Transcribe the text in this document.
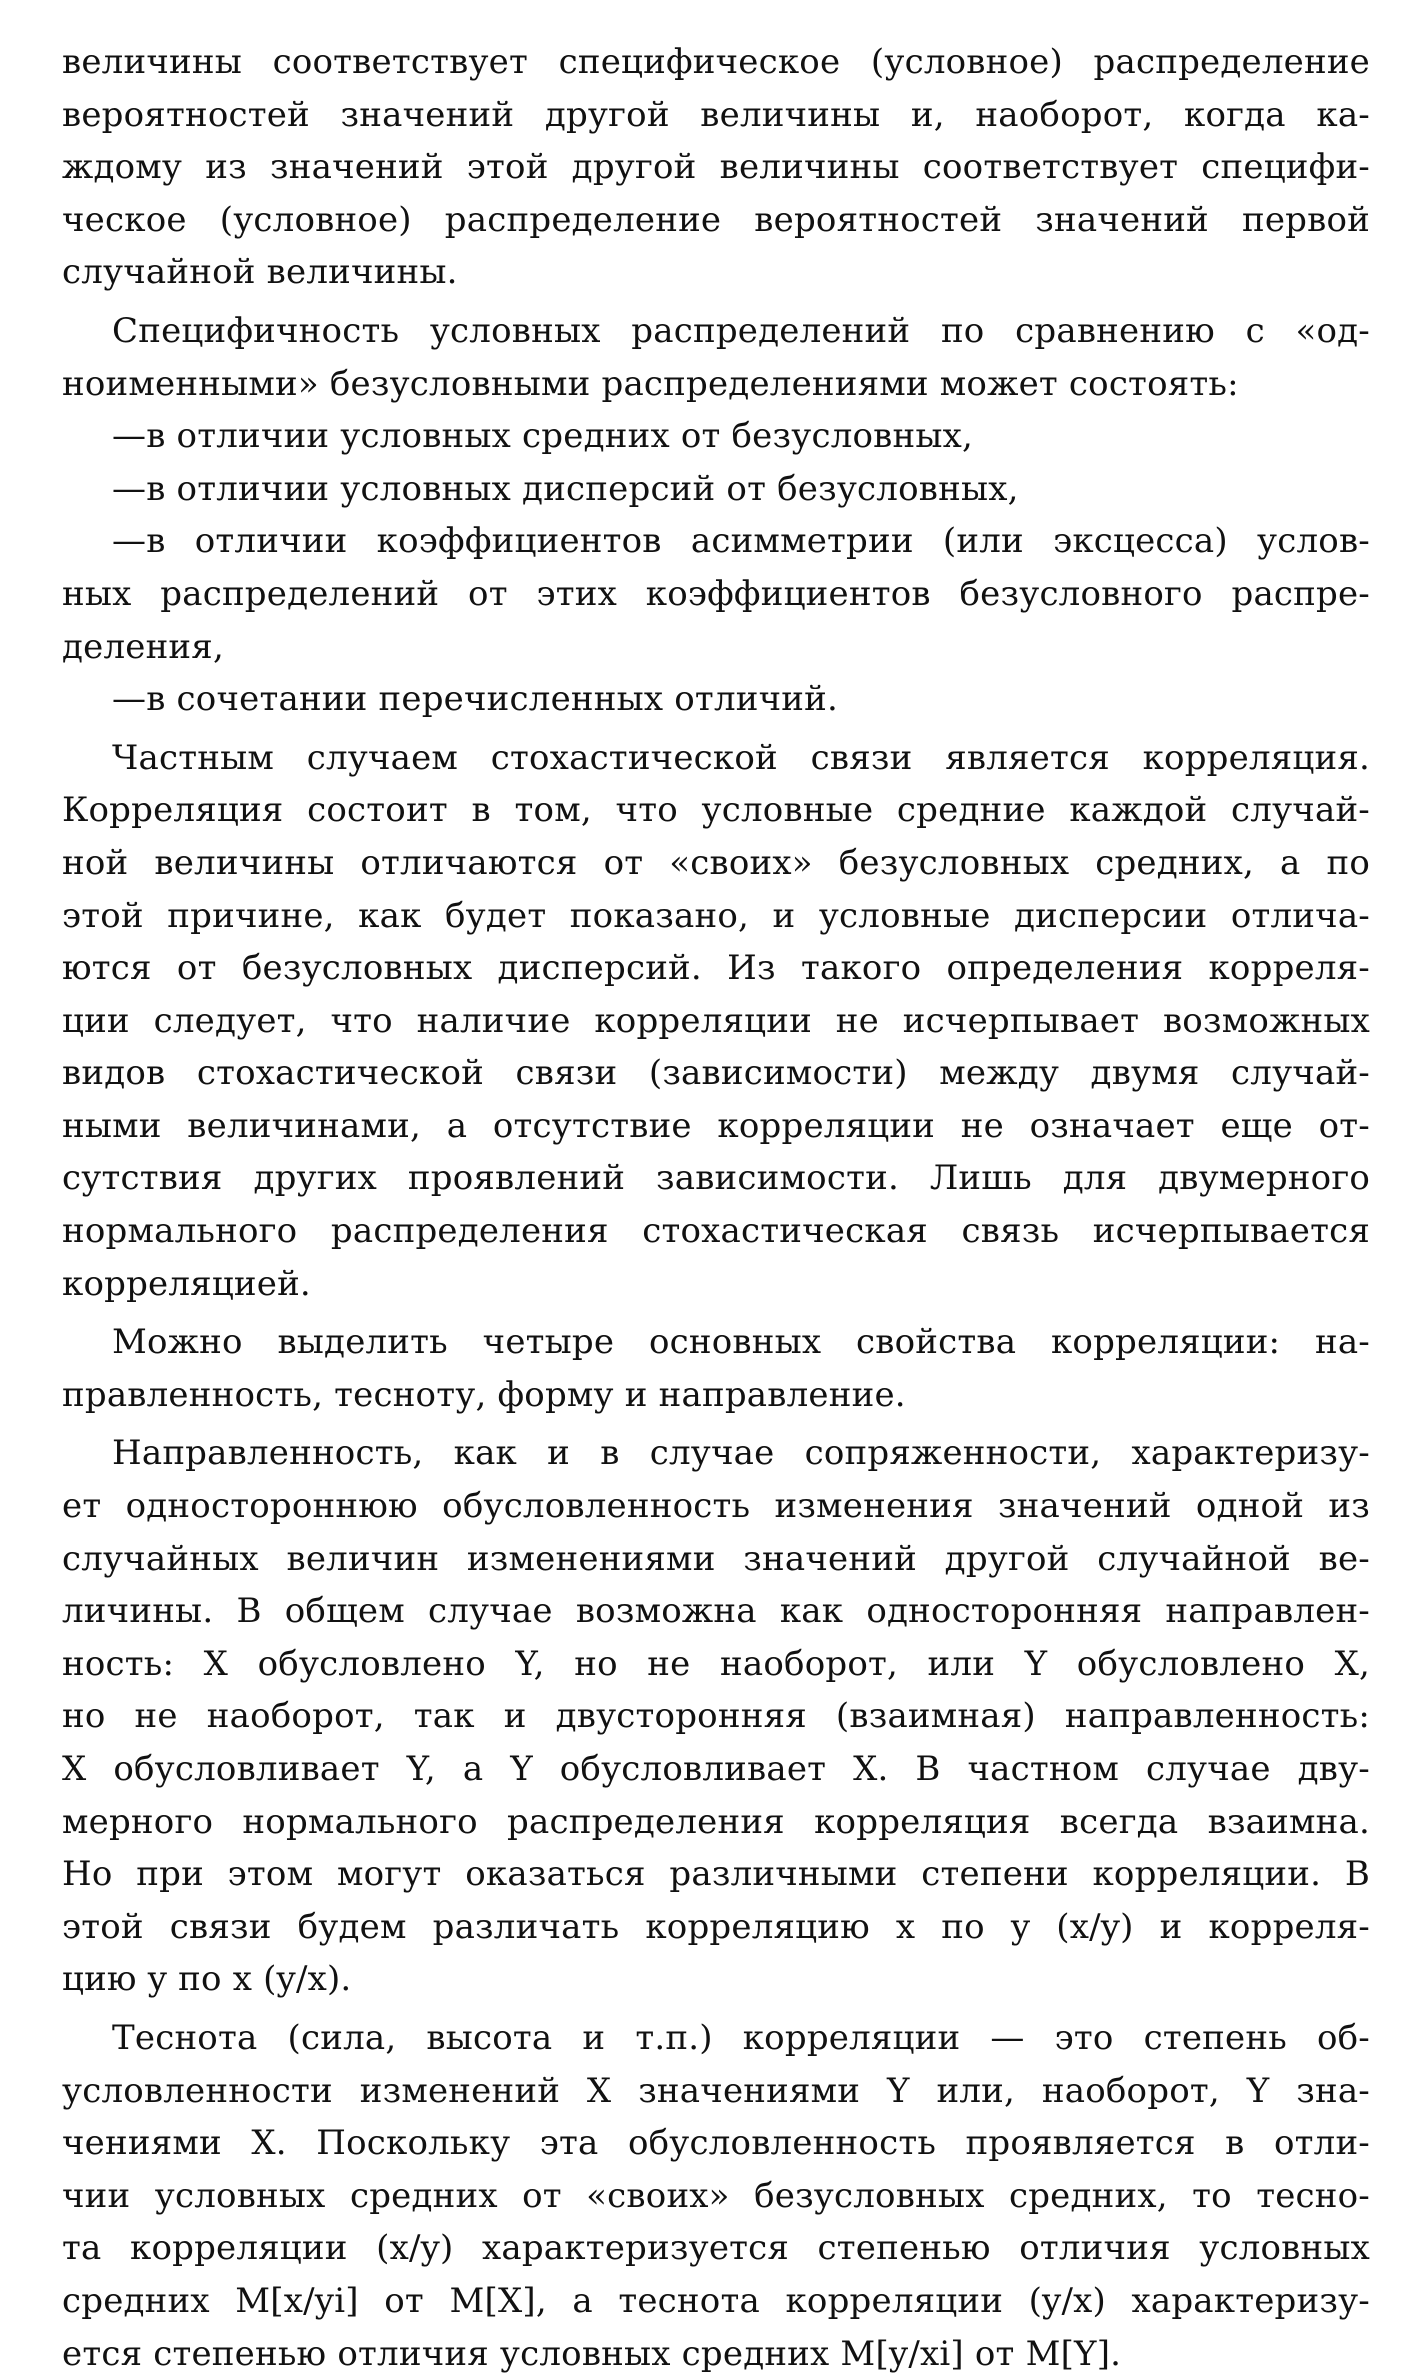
величины соответствует специфическое (условное) распределение
вероятностей значений другой величины и, наоборот, когда ка-
ждому из значений этой другой величины соответствует специфи-
ческое (условное) распределение вероятностей значений первой
случайной величины.
Специфичность условных распределений по сравнению с «од-
ноименными» безусловными распределениями может состоять:
—в отличии условных средних от безусловных,
—в отличии условных дисперсий от безусловных,
—в отличии коэффициентов асимметрии (или эксцесса) услов-
ных распределений от этих коэффициентов безусловного распре-
деления,
—в сочетании перечисленных отличий.
Частным случаем стохастической связи является корреляция.
Корреляция состоит в том, что условные средние каждой случай-
ной величины отличаются от «своих» безусловных средних, а по
этой причине, как будет показано, и условные дисперсии отлича-
ются от безусловных дисперсий. Из такого определения корреля-
ции следует, что наличие корреляции не исчерпывает возможных
видов стохастической связи (зависимости) между двумя случай-
ными величинами, а отсутствие корреляции не означает еще от-
сутствия других проявлений зависимости. Лишь для двумерного
нормального распределения стохастическая связь исчерпывается
корреляцией.
Можно выделить четыре основных свойства корреляции: на-
правленность, тесноту, форму и направление.
Направленность, как и в случае сопряженности, характеризу-
ет одностороннюю обусловленность изменения значений одной из
случайных величин изменениями значений другой случайной ве-
личины. В общем случае возможна как односторонняя направлен-
ность: X обусловлено Y, но не наоборот, или Y обусловлено X,
но не наоборот, так и двусторонняя (взаимная) направленность:
X обусловливает Y, а Y обусловливает X. В частном случае дву-
мерного нормального распределения корреляция всегда взаимна.
Но при этом могут оказаться различными степени корреляции. В
этой связи будем различать корреляцию x по y (x/y) и корреля-
цию y по x (y/x).
Теснота (сила, высота и т.п.) корреляции — это степень об-
условленности изменений X значениями Y или, наоборот, Y зна-
чениями X. Поскольку эта обусловленность проявляется в отли-
чии условных средних от «своих» безусловных средних, то тесно-
та корреляции (x/y) характеризуется степенью отличия условных
средних M[x/yi] от M[X], а теснота корреляции (y/x) характеризу-
ется степенью отличия условных средних M[y/xi] от M[Y].
